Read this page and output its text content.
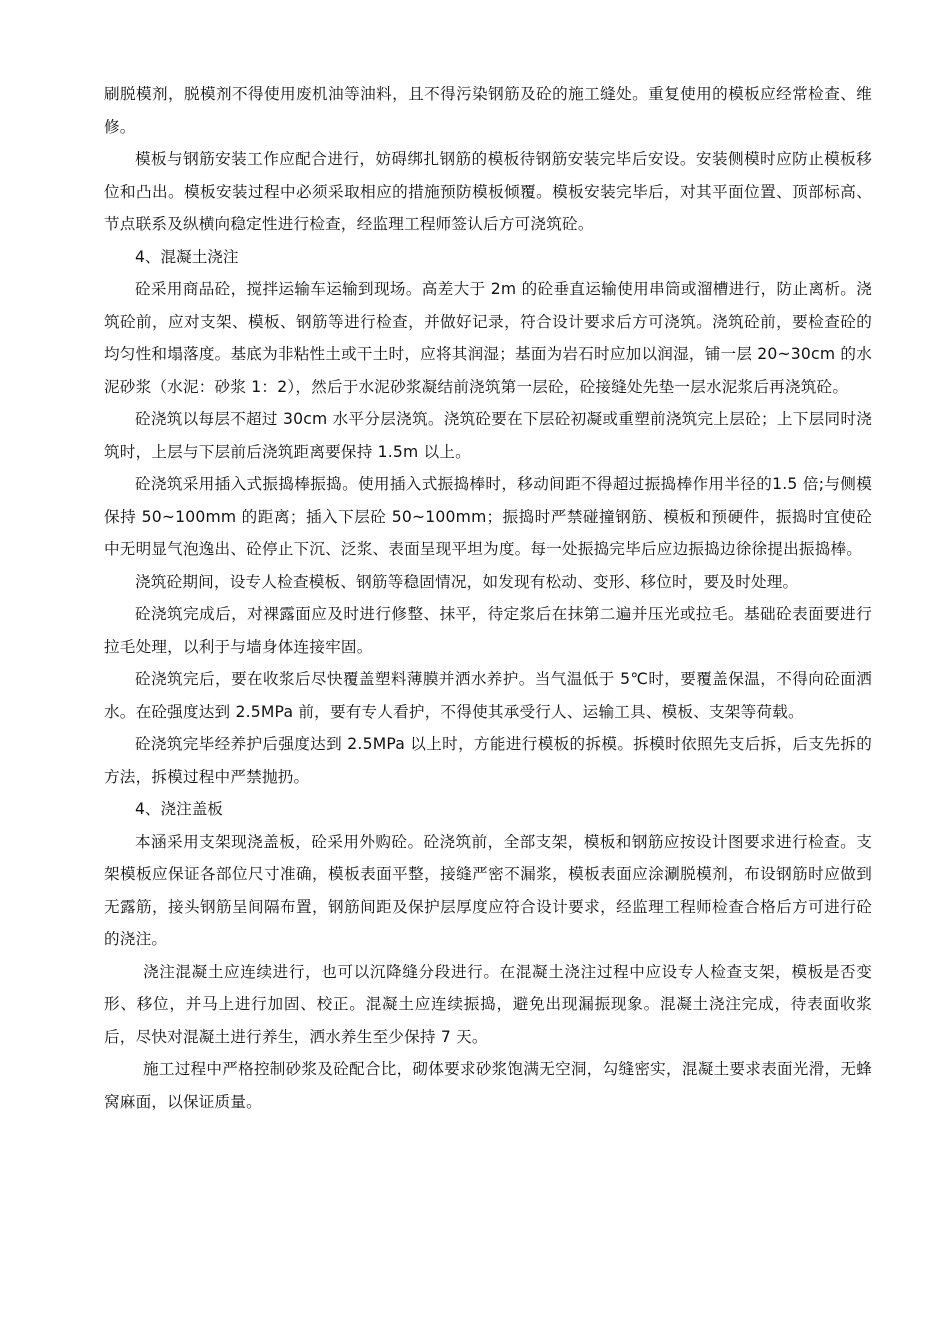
刷脱模剂，脱模剂不得使用废机油等油料，且不得污染钢筋及砼的施工缝处。重复使用的模板应经常检查、维修。

模板与钢筋安装工作应配合进行，妨碍绑扎钢筋的模板待钢筋安装完毕后安设。安装侧模时应防止模板移位和凸出。模板安装过程中必须采取相应的措施预防模板倾覆。模板安装完毕后，对其平面位置、顶部标高、节点联系及纵横向稳定性进行检查，经监理工程师签认后方可浇筑砼。

4、混凝土浇注

砼采用商品砼，搅拌运输车运输到现场。高差大于 2m 的砼垂直运输使用串筒或溜槽进行，防止离析。浇筑砼前，应对支架、模板、钢筋等进行检查，并做好记录，符合设计要求后方可浇筑。浇筑砼前，要检查砼的均匀性和塌落度。基底为非粘性土或干土时，应将其润湿；基面为岩石时应加以润湿，铺一层 20~30cm 的水泥砂浆（水泥：砂浆 1：2），然后于水泥砂浆凝结前浇筑第一层砼，砼接缝处先垫一层水泥浆后再浇筑砼。

砼浇筑以每层不超过 30cm 水平分层浇筑。浇筑砼要在下层砼初凝或重塑前浇筑完上层砼；上下层同时浇筑时，上层与下层前后浇筑距离要保持 1.5m 以上。

砼浇筑采用插入式振捣棒振捣。使用插入式振捣棒时，移动间距不得超过振捣棒作用半径的1.5 倍;与侧模保持 50~100mm 的距离；插入下层砼 50~100mm；振捣时严禁碰撞钢筋、模板和预硬件，振捣时宜使砼中无明显气泡逸出、砼停止下沉、泛浆、表面呈现平坦为度。每一处振捣完毕后应边振捣边徐徐提出振捣棒。

浇筑砼期间，设专人检查模板、钢筋等稳固情况，如发现有松动、变形、移位时，要及时处理。

砼浇筑完成后，对裸露面应及时进行修整、抹平，待定浆后在抹第二遍并压光或拉毛。基础砼表面要进行拉毛处理，以利于与墙身体连接牢固。

砼浇筑完后，要在收浆后尽快覆盖塑料薄膜并洒水养护。当气温低于 5℃时，要覆盖保温，不得向砼面洒水。在砼强度达到 2.5MPa 前，要有专人看护，不得使其承受行人、运输工具、模板、支架等荷载。

砼浇筑完毕经养护后强度达到 2.5MPa 以上时，方能进行模板的拆模。拆模时依照先支后拆，后支先拆的方法，拆模过程中严禁抛扔。

4、浇注盖板

本涵采用支架现浇盖板，砼采用外购砼。砼浇筑前，全部支架，模板和钢筋应按设计图要求进行检查。支架模板应保证各部位尺寸准确，模板表面平整，接缝严密不漏浆，模板表面应涂涮脱模剂，布设钢筋时应做到无露筋，接头钢筋呈间隔布置，钢筋间距及保护层厚度应符合设计要求，经监理工程师检查合格后方可进行砼的浇注。

浇注混凝土应连续进行，也可以沉降缝分段进行。在混凝土浇注过程中应设专人检查支架，模板是否变形、移位，并马上进行加固、校正。混凝土应连续振捣，避免出现漏振现象。混凝土浇注完成，待表面收浆后，尽快对混凝土进行养生，洒水养生至少保持 7 天。

施工过程中严格控制砂浆及砼配合比，砌体要求砂浆饱满无空洞，勾缝密实，混凝土要求表面光滑，无蜂窝麻面，以保证质量。
